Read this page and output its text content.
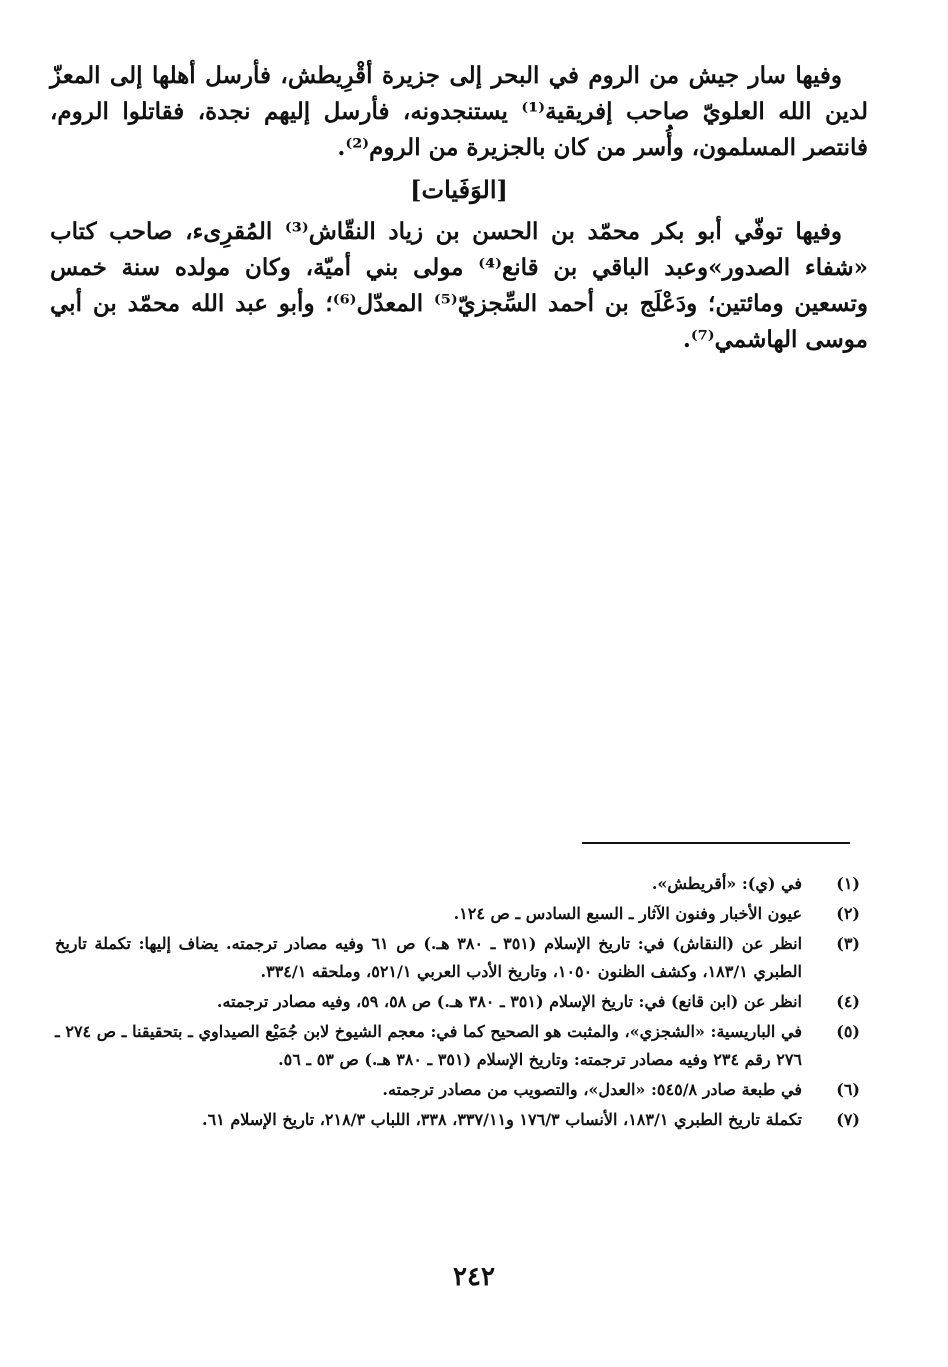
وفيها سار جيش من الروم في البحر إلى جزيرة أقْرِيطش، فأرسل أهلها إلى المعزّ لدين الله العلويّ صاحب إفريقية⁽¹⁾ يستنجدونه، فأرسل إليهم نجدة، فقاتلوا الروم، فانتصر المسلمون، وأُسر من كان بالجزيرة من الروم⁽²⁾.

[الوَفَيات]

وفيها توفّي أبو بكر محمّد بن الحسن بن زياد النقّاش⁽³⁾ المُقرِىء، صاحب كتاب «شفاء الصدور»وعبد الباقي بن قانع⁽⁴⁾ مولى بني أميّة، وكان مولده سنة خمس وتسعين ومائتين؛ ودَعْلَج بن أحمد السِّجزيّ⁽⁵⁾ المعدّل⁽⁶⁾؛ وأبو عبد الله محمّد بن أبي موسى الهاشمي⁽⁷⁾.

(١)
في (ي): «أقريطش».
(٢)
عيون الأخبار وفنون الآثار ـ السبع السادس ـ ص ١٢٤.
(٣)
انظر عن (النقاش) في: تاريخ الإسلام (٣٥١ ـ ٣٨٠ هـ.) ص ٦١ وفيه مصادر ترجمته. يضاف إليها: تكملة تاريخ الطبري ١٨٣/١، وكشف الظنون ١٠٥٠، وتاريخ الأدب العربي ٥٢١/١، وملحقه ٣٣٤/١.
(٤)
انظر عن (ابن قانع) في: تاريخ الإسلام (٣٥١ ـ ٣٨٠ هـ.) ص ٥٨، ٥٩، وفيه مصادر ترجمته.
(٥)
في الباريسية: «الشجزي»، والمثبت هو الصحيح كما في: معجم الشيوخ لابن جُمَيْع الصيداوي ـ بتحقيقنا ـ ص ٢٧٤ ـ ٢٧٦ رقم ٢٣٤ وفيه مصادر ترجمته: وتاريخ الإسلام (٣٥١ ـ ٣٨٠ هـ.) ص ٥٣ ـ ٥٦.
(٦)
في طبعة صادر ٥٤٥/٨: «العدل»، والتصويب من مصادر ترجمته.
(٧)
تكملة تاريخ الطبري ١٨٣/١، الأنساب ١٧٦/٣ و٣٣٧/١١، ٣٣٨، اللباب ٢١٨/٣، تاريخ الإسلام ٦١.
٢٤٢
